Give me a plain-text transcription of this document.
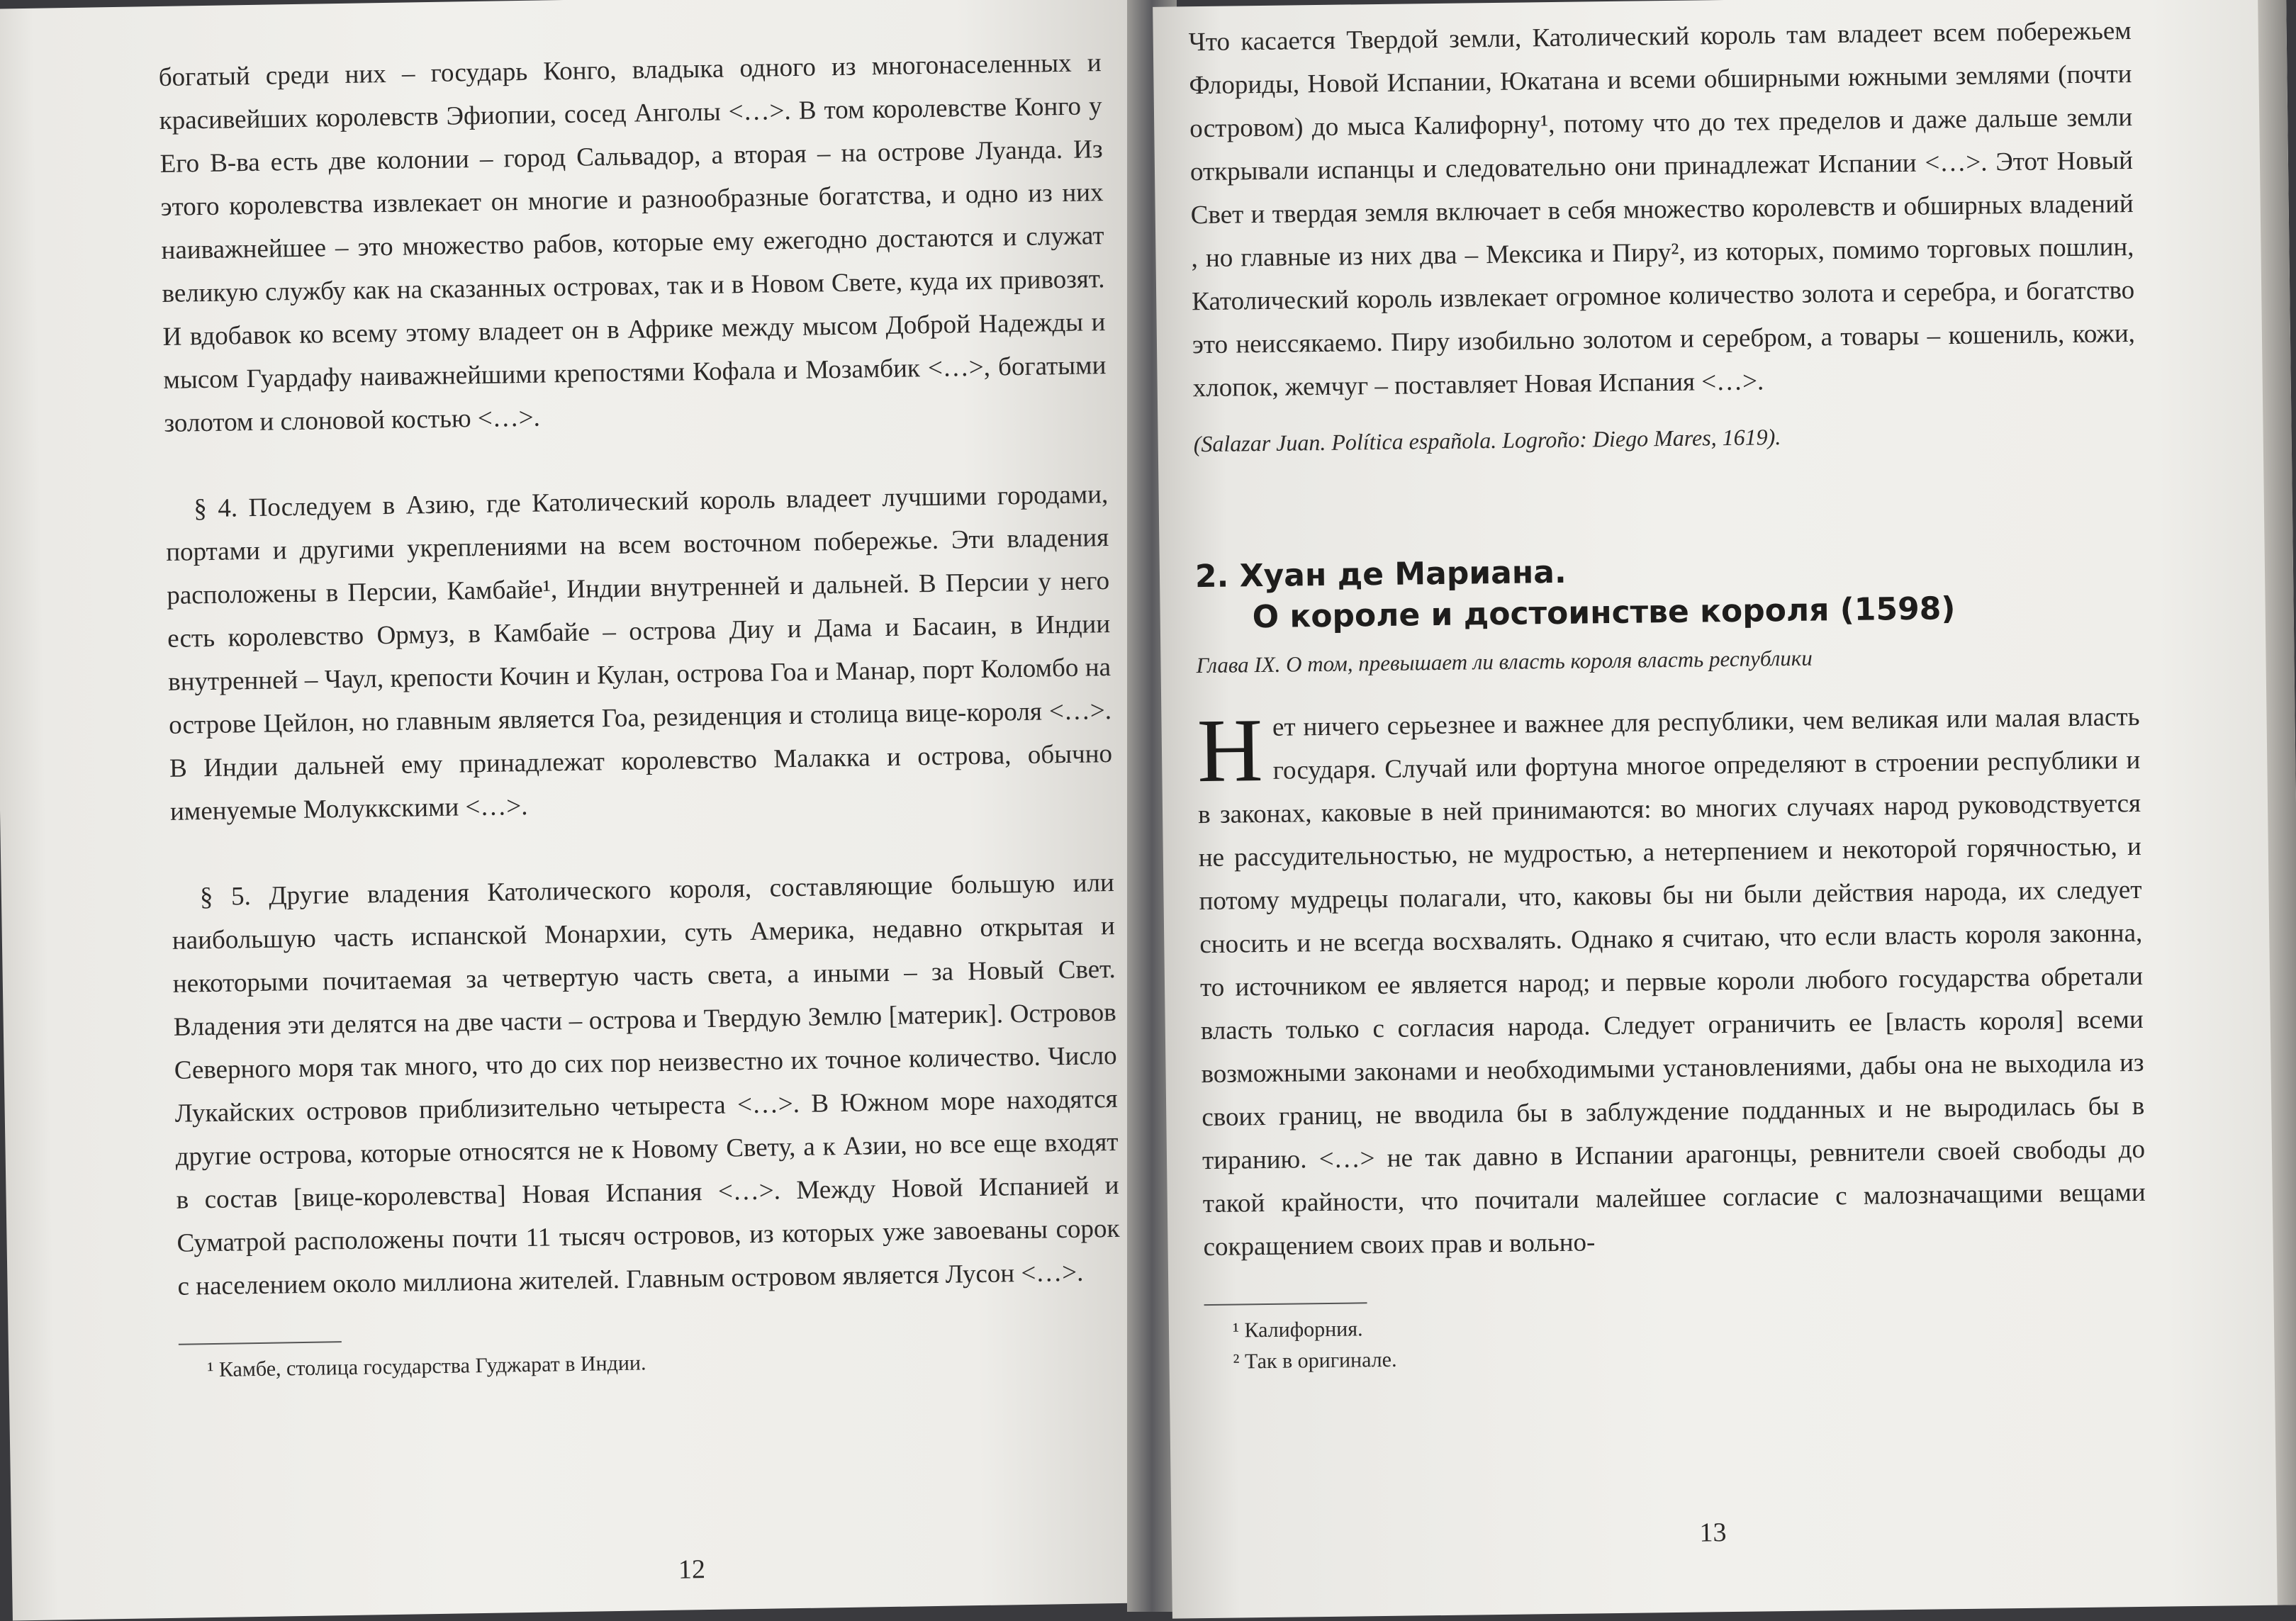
богатый среди них – государь Конго, владыка одного из многонаселенных и красивейших королевств Эфиопии, сосед Анголы <…>. В том королевстве Конго у Его В-ва есть две колонии – город Сальвадор, а вторая – на острове Луанда. Из этого королевства извлекает он многие и разнообразные богатства, и одно из них наиважнейшее – это множество рабов, которые ему ежегодно достаются и служат великую службу как на сказанных островах, так и в Новом Свете, куда их привозят. И вдобавок ко всему этому владеет он в Африке между мысом Доброй Надежды и мысом Гуардафу наиважнейшими крепостями Кофала и Мозамбик <…>, богатыми золотом и слоновой костью <…>.

§ 4. Последуем в Азию, где Католический король владеет лучшими городами, портами и другими укреплениями на всем восточном побережье. Эти владения расположены в Персии, Камбайе¹, Индии внутренней и дальней. В Персии у него есть королевство Ормуз, в Камбайе – острова Диу и Дама и Басаин, в Индии внутренней – Чаул, крепости Кочин и Кулан, острова Гоа и Манар, порт Коломбо на острове Цейлон, но главным является Гоа, резиденция и столица вице-короля <…>. В Индии дальней ему принадлежат королевство Малакка и острова, обычно именуемые Молуккскими <…>.

§ 5. Другие владения Католического короля, составляющие большую или наибольшую часть испанской Монархии, суть Америка, недавно открытая и некоторыми почитаемая за четвертую часть света, а иными – за Новый Свет. Владения эти делятся на две части – острова и Твердую Землю [материк]. Островов Северного моря так много, что до сих пор неизвестно их точное количество. Число Лукайских островов приблизительно четыреста <…>. В Южном море находятся другие острова, которые относятся не к Новому Свету, а к Азии, но все еще входят в состав [вице-королевства] Новая Испания <…>. Между Новой Испанией и Суматрой расположены почти 11 тысяч островов, из которых уже завоеваны сорок с населением около миллиона жителей. Главным островом является Лусон <…>.

¹ Камбе, столица государства Гуджарат в Индии.
12

Что касается Твердой земли, Католический король там владеет всем побережьем Флориды, Новой Испании, Юкатана и всеми обширными южными землями (почти островом) до мыса Калифорну¹, потому что до тех пределов и даже дальше земли открывали испанцы и следовательно они принадлежат Испании <…>. Этот Новый Свет и твердая земля включает в себя множество королевств и обширных владений , но главные из них два – Мексика и Пиру², из которых, помимо торговых пошлин, Католический король извлекает огромное количество золота и серебра, и богатство это неиссякаемо. Пиру изобильно золотом и серебром, а товары – кошениль, кожи, хлопок, жемчуг – поставляет Новая Испания <…>.

(Salazar Juan. Política española. Logroño: Diego Mares, 1619).
2. Хуан де Мариана.
О короле и достоинстве короля (1598)
Глава IX. О том, превышает ли власть короля власть республики

Н ет ничего серьезнее и важнее для республики, чем великая или малая власть государя. Случай или фортуна многое определяют в строении республики и в законах, каковые в ней принимаются: во многих случаях народ руководствуется не рассудительностью, не мудростью, а нетерпением и некоторой горячностью, и потому мудрецы полагали, что, каковы бы ни были действия народа, их следует сносить и не всегда восхвалять. Однако я считаю, что если власть короля законна, то источником ее является народ; и первые короли любого государства обретали власть только с согласия народа. Следует ограничить ее [власть короля] всеми возможными законами и необходимыми установлениями, дабы она не выходила из своих границ, не вводила бы в заблуждение подданных и не выродилась бы в тиранию. <…> не так давно в Испании арагонцы, ревнители своей свободы до такой крайности, что почитали малейшее согласие с малозначащими вещами сокращением своих прав и вольно-

¹ Калифорния.
² Так в оригинале.
13
